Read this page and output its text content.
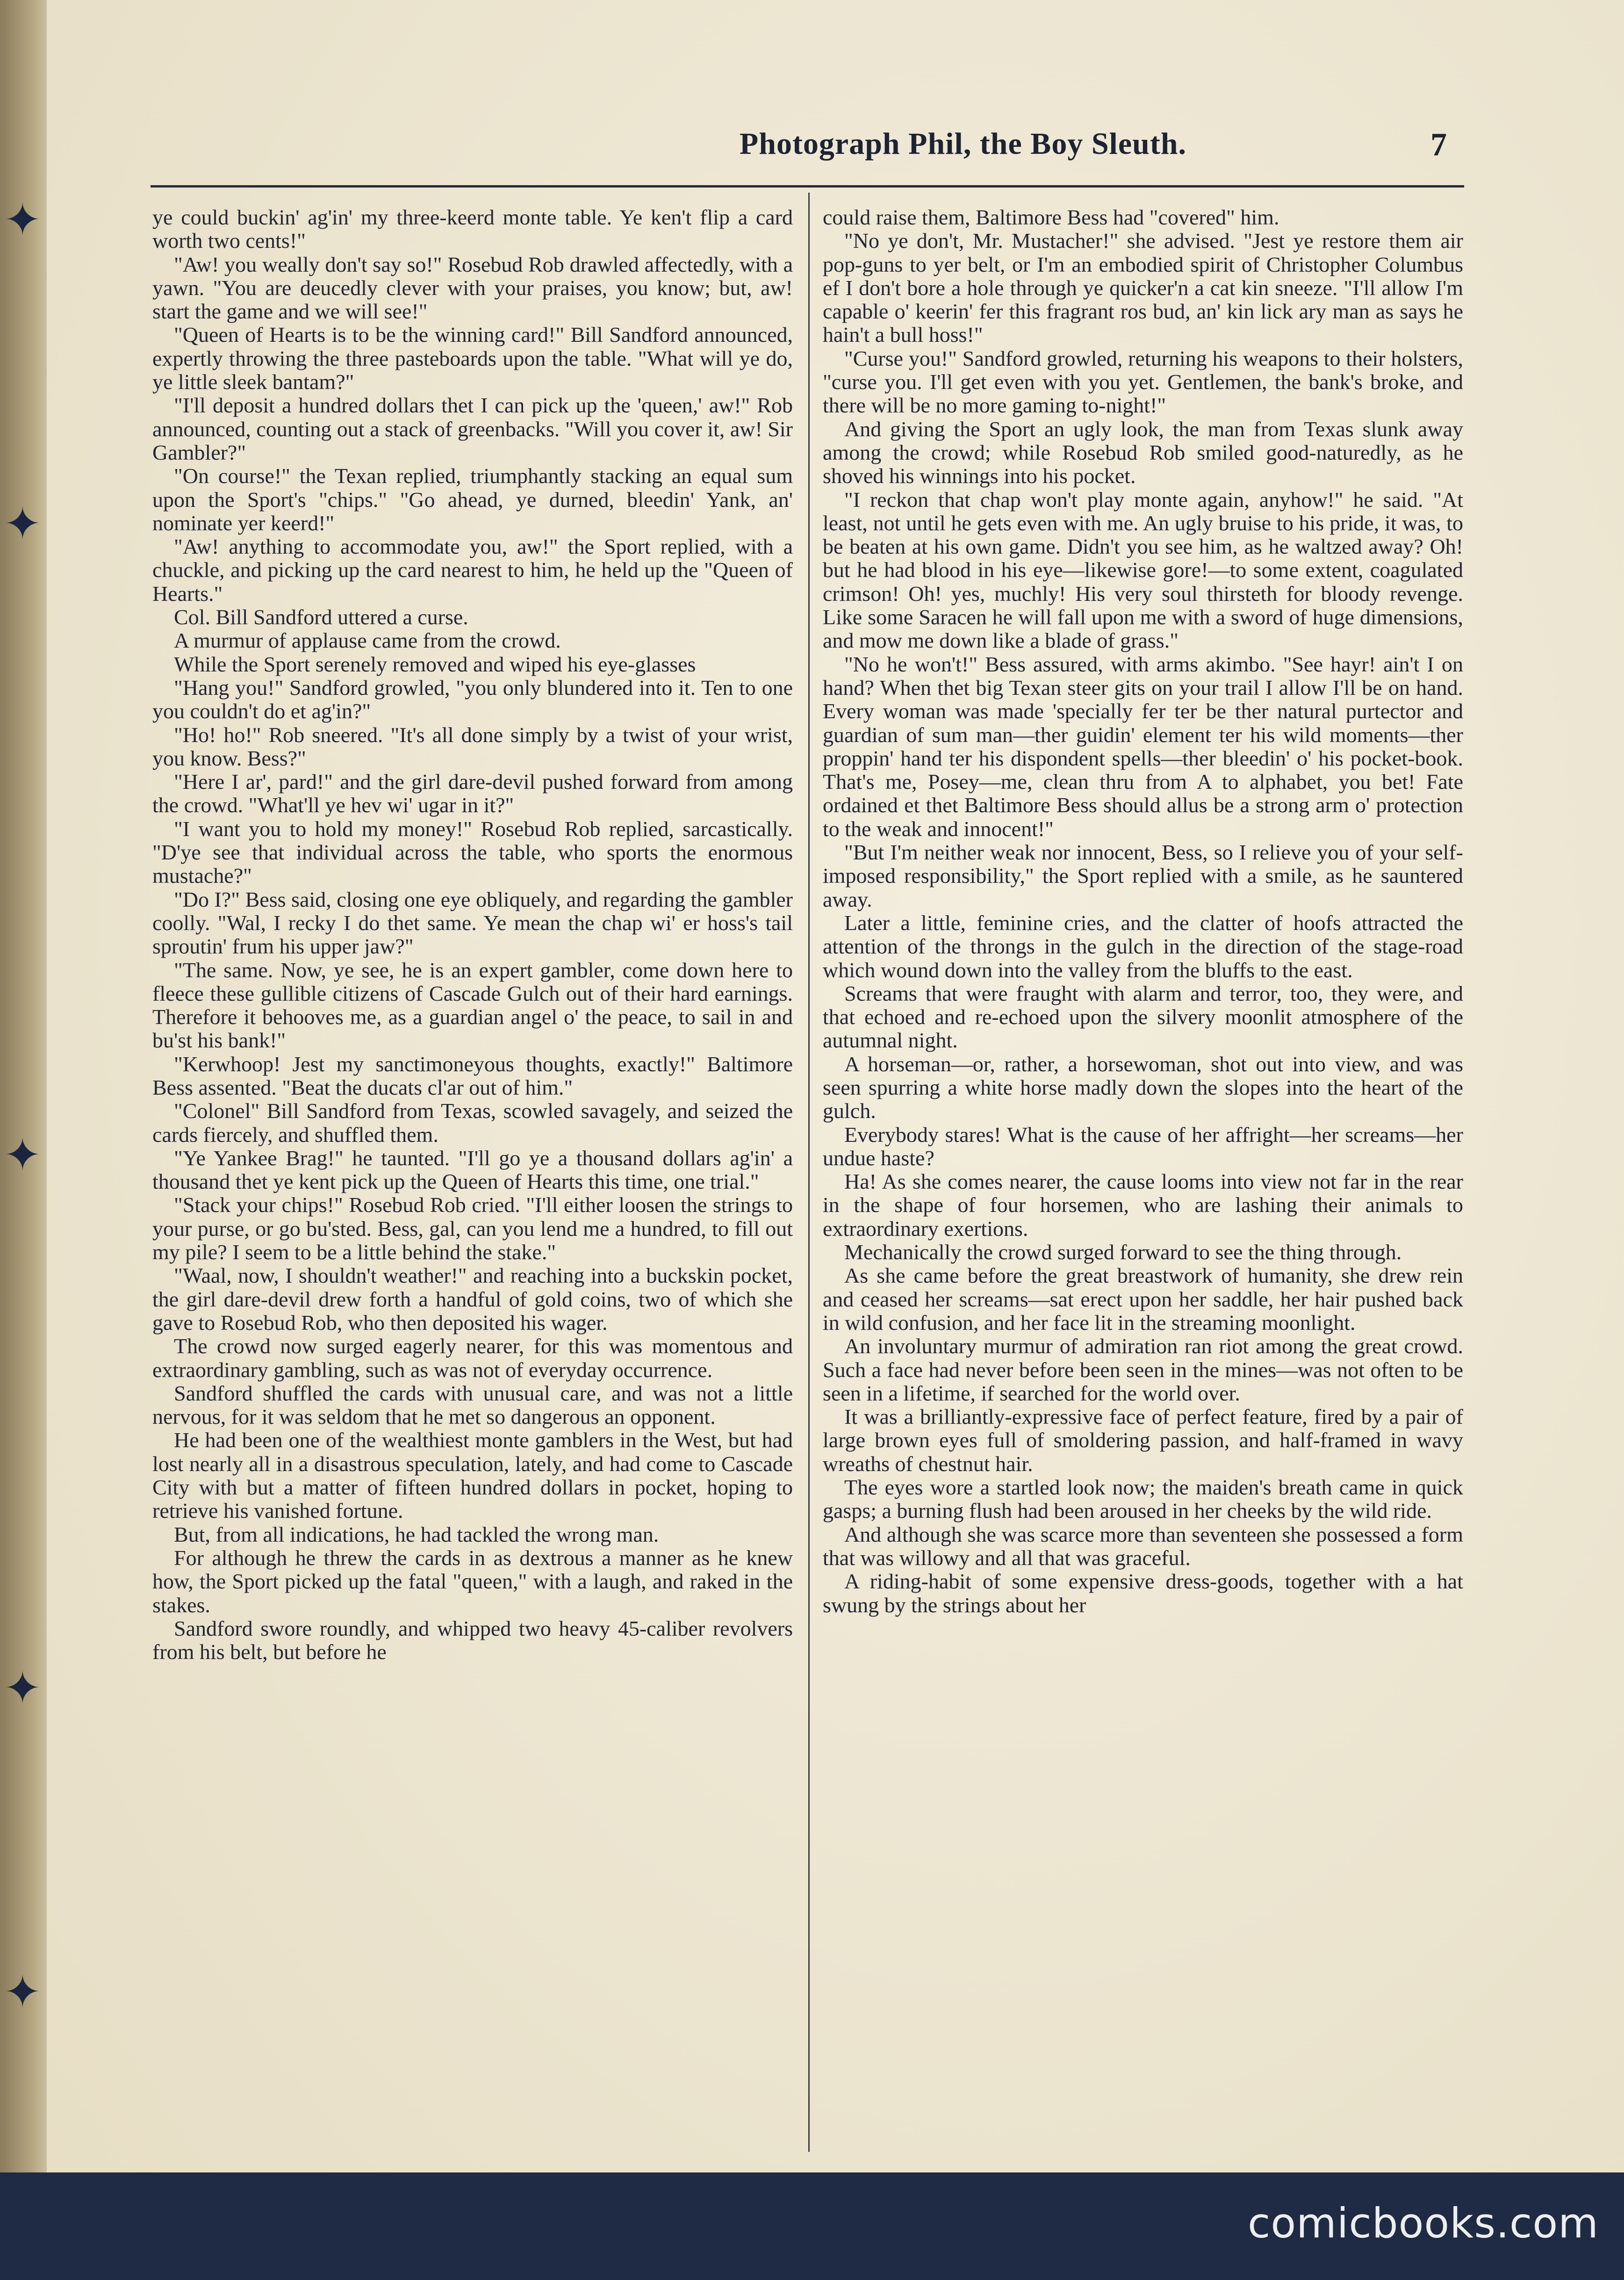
✦
✦
✦
✦
✦
Photograph Phil, the Boy Sleuth.	7

ye could buckin' ag'in' my three-keerd monte table. Ye ken't flip a card worth two cents!"

"Aw! you weally don't say so!" Rosebud Rob drawled affectedly, with a yawn. "You are deucedly clever with your praises, you know; but, aw! start the game and we will see!"

"Queen of Hearts is to be the winning card!" Bill Sandford announced, expertly throwing the three pasteboards upon the table. "What will ye do, ye little sleek bantam?"

"I'll deposit a hundred dollars thet I can pick up the 'queen,' aw!" Rob announced, counting out a stack of greenbacks. "Will you cover it, aw! Sir Gambler?"

"On course!" the Texan replied, triumphantly stacking an equal sum upon the Sport's "chips." "Go ahead, ye durned, bleedin' Yank, an' nominate yer keerd!"

"Aw! anything to accommodate you, aw!" the Sport replied, with a chuckle, and picking up the card nearest to him, he held up the "Queen of Hearts."

Col. Bill Sandford uttered a curse.

A murmur of applause came from the crowd.

While the Sport serenely removed and wiped his eye-glasses

"Hang you!" Sandford growled, "you only blundered into it. Ten to one you couldn't do et ag'in?"

"Ho! ho!" Rob sneered. "It's all done simply by a twist of your wrist, you know. Bess?"

"Here I ar', pard!" and the girl dare-devil pushed forward from among the crowd. "What'll ye hev wi' ugar in it?"

"I want you to hold my money!" Rosebud Rob replied, sarcastically. "D'ye see that individual across the table, who sports the enormous mustache?"

"Do I?" Bess said, closing one eye obliquely, and regarding the gambler coolly. "Wal, I recky I do thet same. Ye mean the chap wi' er hoss's tail sproutin' frum his upper jaw?"

"The same. Now, ye see, he is an expert gambler, come down here to fleece these gullible citizens of Cascade Gulch out of their hard earnings. Therefore it behooves me, as a guardian angel o' the peace, to sail in and bu'st his bank!"

"Kerwhoop! Jest my sanctimoneyous thoughts, exactly!" Baltimore Bess assented. "Beat the ducats cl'ar out of him."

"Colonel" Bill Sandford from Texas, scowled savagely, and seized the cards fiercely, and shuffled them.

"Ye Yankee Brag!" he taunted. "I'll go ye a thousand dollars ag'in' a thousand thet ye kent pick up the Queen of Hearts this time, one trial."

"Stack your chips!" Rosebud Rob cried. "I'll either loosen the strings to your purse, or go bu'sted. Bess, gal, can you lend me a hundred, to fill out my pile? I seem to be a little behind the stake."

"Waal, now, I shouldn't weather!" and reaching into a buckskin pocket, the girl dare-devil drew forth a handful of gold coins, two of which she gave to Rosebud Rob, who then deposited his wager.

The crowd now surged eagerly nearer, for this was momentous and extraordinary gambling, such as was not of everyday occurrence.

Sandford shuffled the cards with unusual care, and was not a little nervous, for it was seldom that he met so dangerous an opponent.

He had been one of the wealthiest monte gamblers in the West, but had lost nearly all in a disastrous speculation, lately, and had come to Cascade City with but a matter of fifteen hundred dollars in pocket, hoping to retrieve his vanished fortune.

But, from all indications, he had tackled the wrong man.

For although he threw the cards in as dextrous a manner as he knew how, the Sport picked up the fatal "queen," with a laugh, and raked in the stakes.

Sandford swore roundly, and whipped two heavy 45-caliber revolvers from his belt, but before he

could raise them, Baltimore Bess had "covered" him.

"No ye don't, Mr. Mustacher!" she advised. "Jest ye restore them air pop-guns to yer belt, or I'm an embodied spirit of Christopher Columbus ef I don't bore a hole through ye quicker'n a cat kin sneeze. "I'll allow I'm capable o' keerin' fer this fragrant ros bud, an' kin lick ary man as says he hain't a bull hoss!"

"Curse you!" Sandford growled, returning his weapons to their holsters, "curse you. I'll get even with you yet. Gentlemen, the bank's broke, and there will be no more gaming to-night!"

And giving the Sport an ugly look, the man from Texas slunk away among the crowd; while Rosebud Rob smiled good-naturedly, as he shoved his winnings into his pocket.

"I reckon that chap won't play monte again, anyhow!" he said. "At least, not until he gets even with me. An ugly bruise to his pride, it was, to be beaten at his own game. Didn't you see him, as he waltzed away? Oh! but he had blood in his eye—likewise gore!—to some extent, coagulated crimson! Oh! yes, muchly! His very soul thirsteth for bloody revenge. Like some Saracen he will fall upon me with a sword of huge dimensions, and mow me down like a blade of grass."

"No he won't!" Bess assured, with arms akimbo. "See hayr! ain't I on hand? When thet big Texan steer gits on your trail I allow I'll be on hand. Every woman was made 'specially fer ter be ther natural purtector and guardian of sum man—ther guidin' element ter his wild moments—ther proppin' hand ter his dispondent spells—ther bleedin' o' his pocket-book. That's me, Posey—me, clean thru from A to alphabet, you bet! Fate ordained et thet Baltimore Bess should allus be a strong arm o' protection to the weak and innocent!"

"But I'm neither weak nor innocent, Bess, so I relieve you of your self-imposed responsibility," the Sport replied with a smile, as he sauntered away.

Later a little, feminine cries, and the clatter of hoofs attracted the attention of the throngs in the gulch in the direction of the stage-road which wound down into the valley from the bluffs to the east.

Screams that were fraught with alarm and terror, too, they were, and that echoed and re-echoed upon the silvery moonlit atmosphere of the autumnal night.

A horseman—or, rather, a horsewoman, shot out into view, and was seen spurring a white horse madly down the slopes into the heart of the gulch.

Everybody stares! What is the cause of her affright—her screams—her undue haste?

Ha! As she comes nearer, the cause looms into view not far in the rear in the shape of four horsemen, who are lashing their animals to extraordinary exertions.

Mechanically the crowd surged forward to see the thing through.

As she came before the great breastwork of humanity, she drew rein and ceased her screams—sat erect upon her saddle, her hair pushed back in wild confusion, and her face lit in the streaming moonlight.

An involuntary murmur of admiration ran riot among the great crowd. Such a face had never before been seen in the mines—was not often to be seen in a lifetime, if searched for the world over.

It was a brilliantly-expressive face of perfect feature, fired by a pair of large brown eyes full of smoldering passion, and half-framed in wavy wreaths of chestnut hair.

The eyes wore a startled look now; the maiden's breath came in quick gasps; a burning flush had been aroused in her cheeks by the wild ride.

And although she was scarce more than seventeen she possessed a form that was willowy and all that was graceful.

A riding-habit of some expensive dress-goods, together with a hat swung by the strings about her

comicbooks.com
